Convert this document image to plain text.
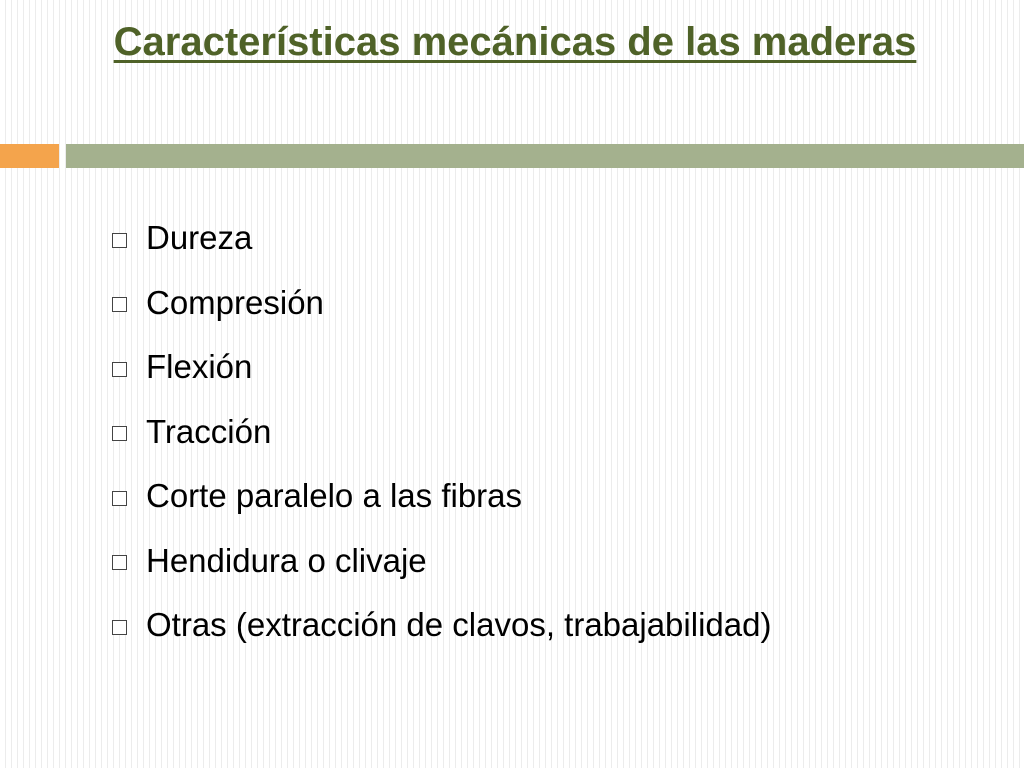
Características mecánicas de las maderas
Dureza
Compresión
Flexión
Tracción
Corte paralelo a las fibras
Hendidura o clivaje
Otras (extracción de clavos, trabajabilidad)
